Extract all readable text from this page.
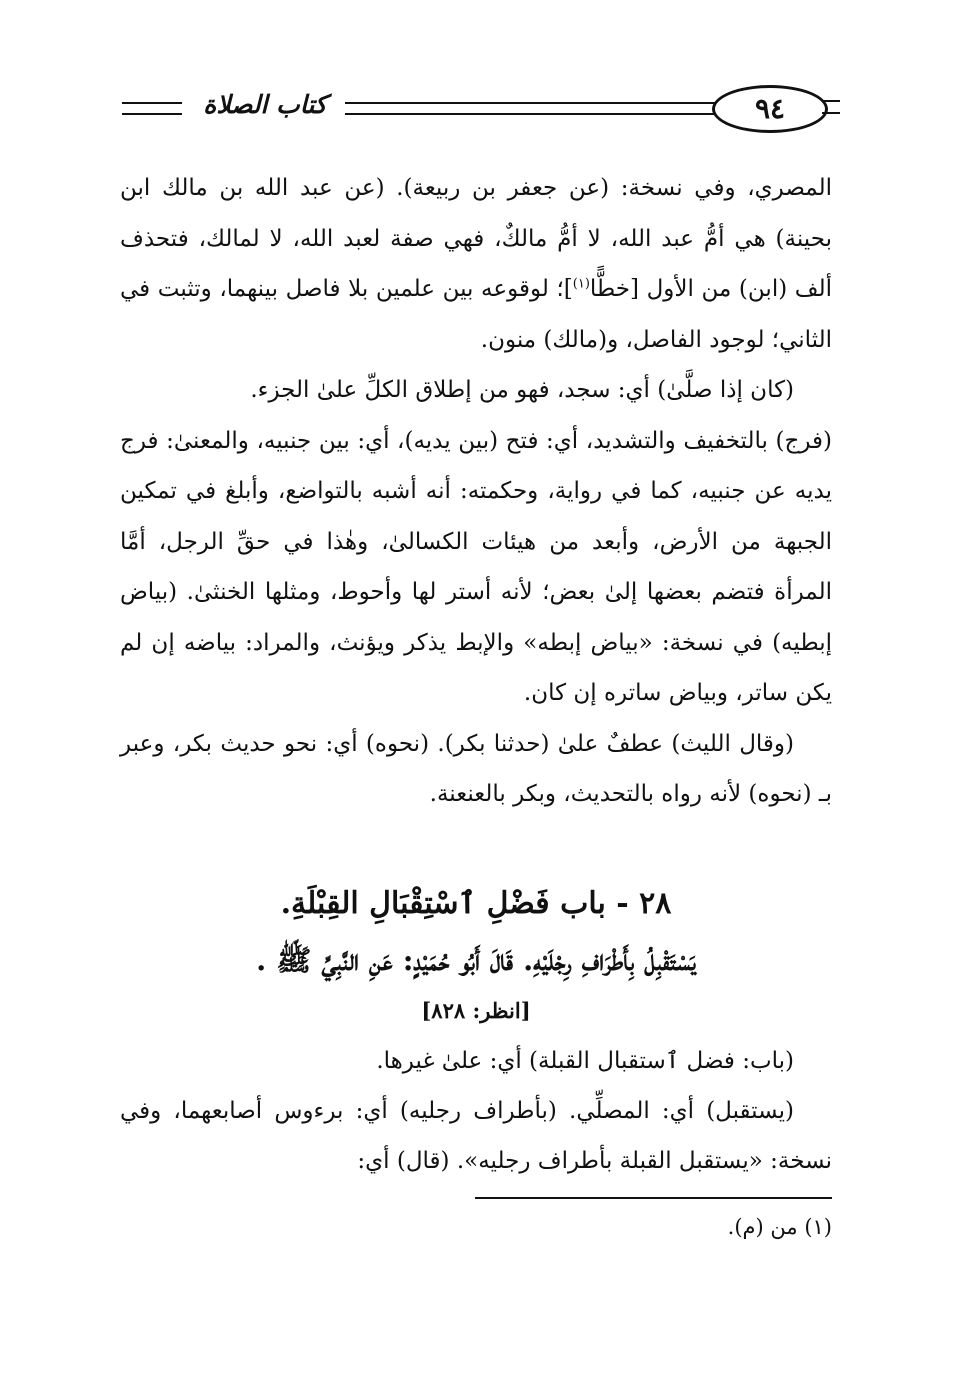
كتاب الصلاة	٩٤

المصري، وفي نسخة: (عن جعفر بن ربيعة). (عن عبد الله بن مالك ابن بحينة) هي أمُّ عبد الله، لا أمُّ مالكٌ، فهي صفة لعبد الله، لا لمالك، فتحذف ألف (ابن) من الأول [خطًّا$^{(١)}$]؛ لوقوعه بين علمين بلا فاصل بينهما، وتثبت في الثاني؛ لوجود الفاصل، و(مالك) منون.

(كان إذا صلَّىٰ) أي: سجد، فهو من إطلاق الكلِّ علىٰ الجزء.

(فرج) بالتخفيف والتشديد، أي: فتح (بين يديه)، أي: بين جنبيه، والمعنىٰ: فرج يديه عن جنبيه، كما في رواية، وحكمته: أنه أشبه بالتواضع، وأبلغ في تمكين الجبهة من الأرض، وأبعد من هيئات الكسالىٰ، وهٰذا في حقِّ الرجل، أمَّا المرأة فتضم بعضها إلىٰ بعض؛ لأنه أستر لها وأحوط، ومثلها الخنثىٰ. (بياض إبطيه) في نسخة: «بياض إبطه» والإبط يذكر ويؤنث، والمراد: بياضه إن لم يكن ساتر، وبياض ساتره إن كان.

(وقال الليث) عطفٌ علىٰ (حدثنا بكر). (نحوه) أي: نحو حديث بكر، وعبر بـ (نحوه) لأنه رواه بالتحديث، وبكر بالعنعنة.

٢٨ - باب فَضْلِ ٱسْتِقْبَالِ القِبْلَةِ.
يَسْتَقْبِلُ بِأَطْرَافِ رِجْلَيْهِ. قَالَ أَبُو حُمَيْدٍ: عَنِ النَّبِيِّ ﷺ .
[انظر: ٨٢٨]

(باب: فضل ٱستقبال القبلة) أي: علىٰ غيرها.

(يستقبل) أي: المصلِّي. (بأطراف رجليه) أي: برءوس أصابعهما، وفي نسخة: «يستقبل القبلة بأطراف رجليه». (قال) أي:

(١) من (م).
